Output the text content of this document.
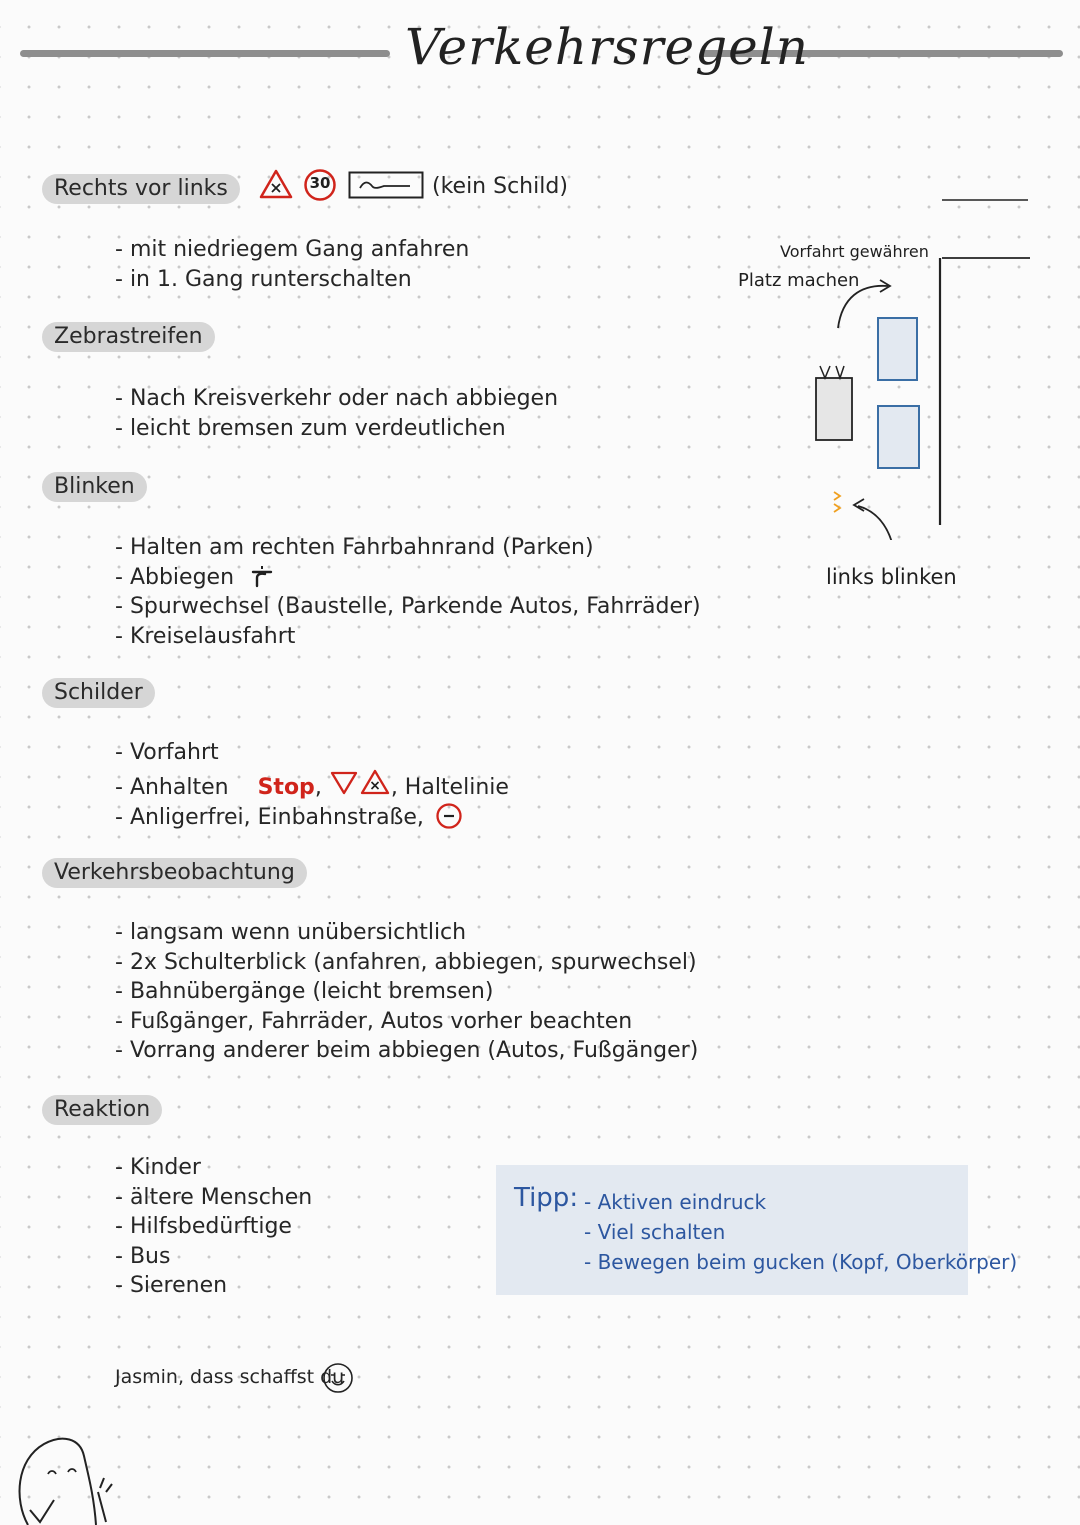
Verkehrsregeln
Rechts vor links	30	(kein Schild)
- mit niedriegem Gang anfahren
- in 1. Gang runterschalten
Zebrastreifen
- Nach Kreisverkehr oder nach abbiegen
- leicht bremsen zum verdeutlichen
Blinken
- Halten am rechten Fahrbahnrand (Parken)
- Abbiegen
- Spurwechsel (Baustelle, Parkende Autos, Fahrräder)
- Kreiselausfahrt
Schilder
- Vorfahrt
- Anhalten Stop,	, Haltelinie
- Anligerfrei, Einbahnstraße,
Verkehrsbeobachtung
- langsam wenn unübersichtlich
- 2x Schulterblick (anfahren, abbiegen, spurwechsel)
- Bahnübergänge (leicht bremsen)
- Fußgänger, Fahrräder, Autos vorher beachten
- Vorrang anderer beim abbiegen (Autos, Fußgänger)
Reaktion
- Kinder
- ältere Menschen
- Hilfsbedürftige
- Bus
- Sierenen
Tipp:
- Aktiven eindruck
- Viel schalten
- Bewegen beim gucken (Kopf, Oberkörper)
Vorfahrt gewähren
Platz machen
links blinken
Jasmin, dass schaffst du
